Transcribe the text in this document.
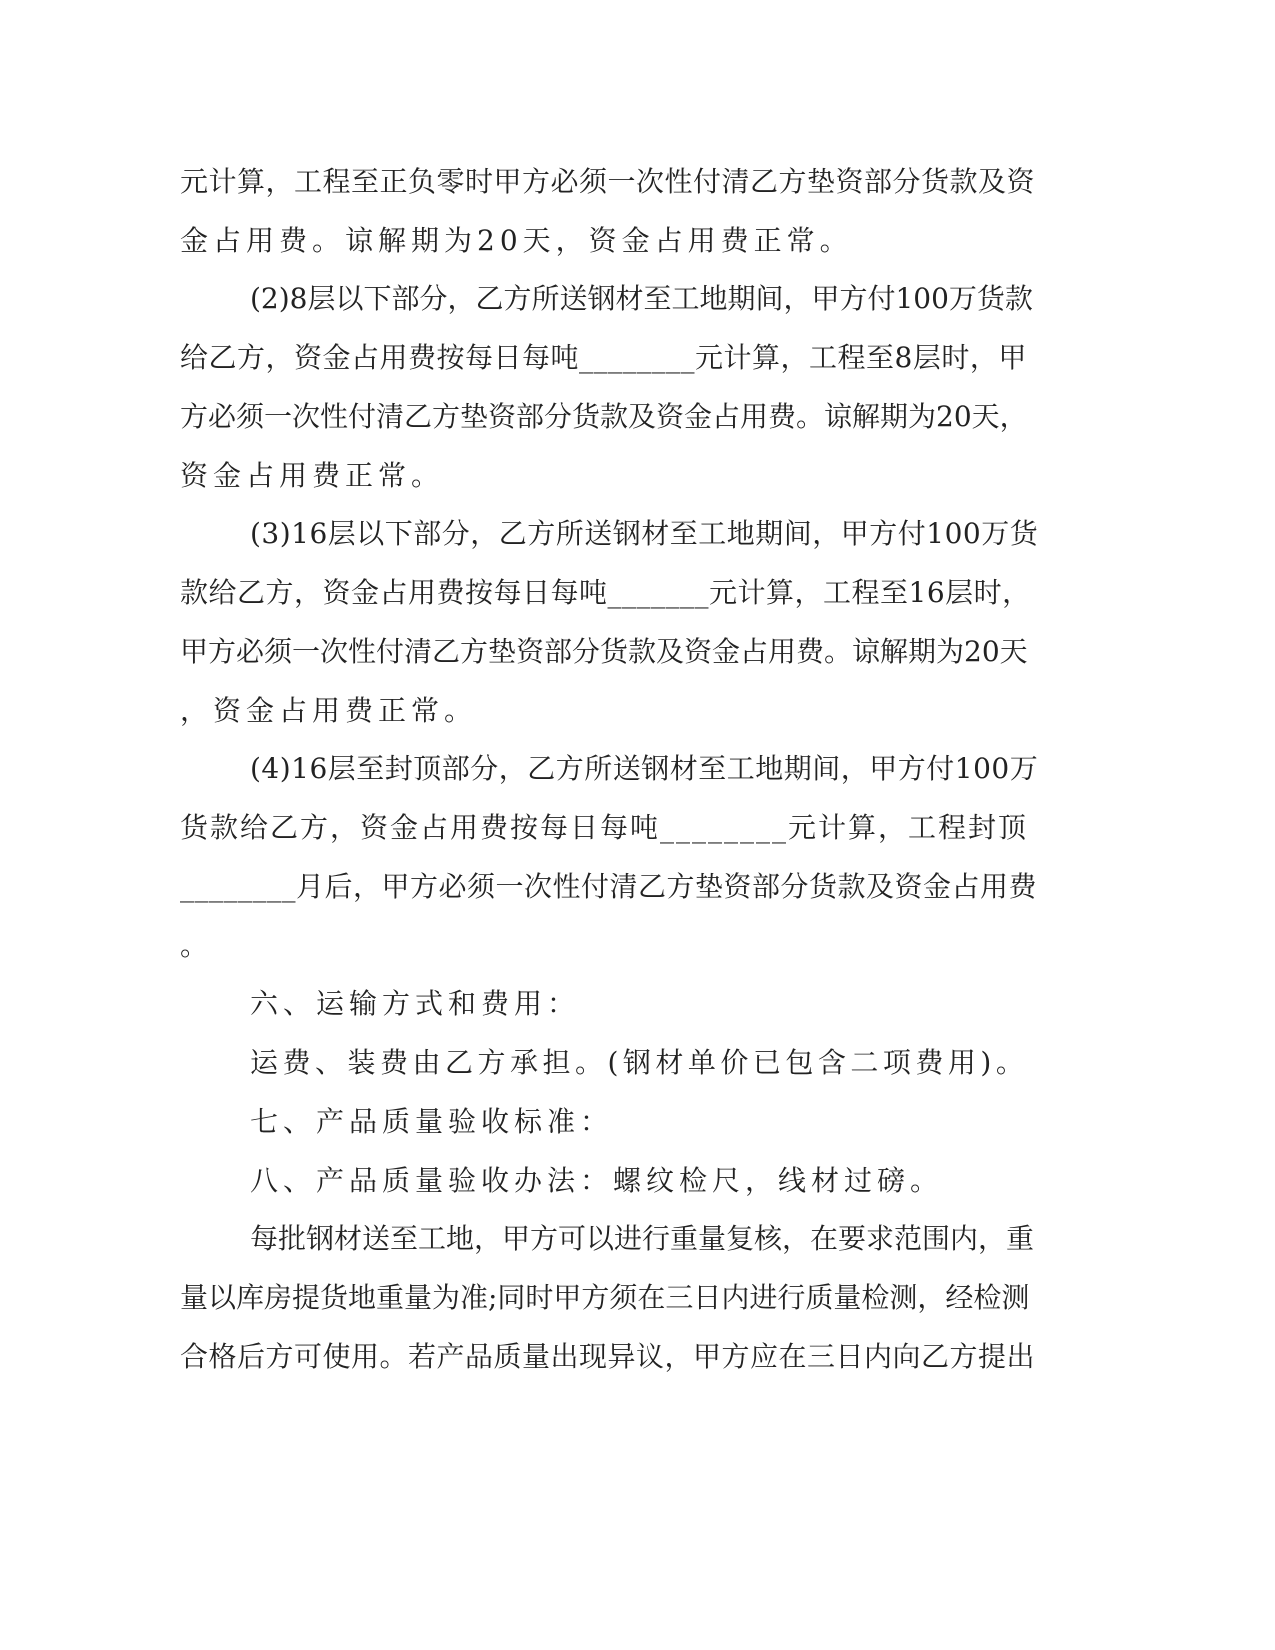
元计算，工程至正负零时甲方必须一次性付清乙方垫资部分货款及资
金占用费。谅解期为20天，资金占用费正常。
(2)8层以下部分，乙方所送钢材至工地期间，甲方付100万货款
给乙方，资金占用费按每日每吨________元计算，工程至8层时，甲
方必须一次性付清乙方垫资部分货款及资金占用费。谅解期为20天，
资金占用费正常。
(3)16层以下部分，乙方所送钢材至工地期间，甲方付100万货
款给乙方，资金占用费按每日每吨_______元计算，工程至16层时，
甲方必须一次性付清乙方垫资部分货款及资金占用费。谅解期为20天
，资金占用费正常。
(4)16层至封顶部分，乙方所送钢材至工地期间，甲方付100万
货款给乙方，资金占用费按每日每吨________元计算，工程封顶
________月后，甲方必须一次性付清乙方垫资部分货款及资金占用费
。
六、运输方式和费用：
运费、装费由乙方承担。(钢材单价已包含二项费用)。
七、产品质量验收标准：
八、产品质量验收办法：螺纹检尺，线材过磅。
每批钢材送至工地，甲方可以进行重量复核，在要求范围内，重
量以库房提货地重量为准;同时甲方须在三日内进行质量检测，经检测
合格后方可使用。若产品质量出现异议，甲方应在三日内向乙方提出
